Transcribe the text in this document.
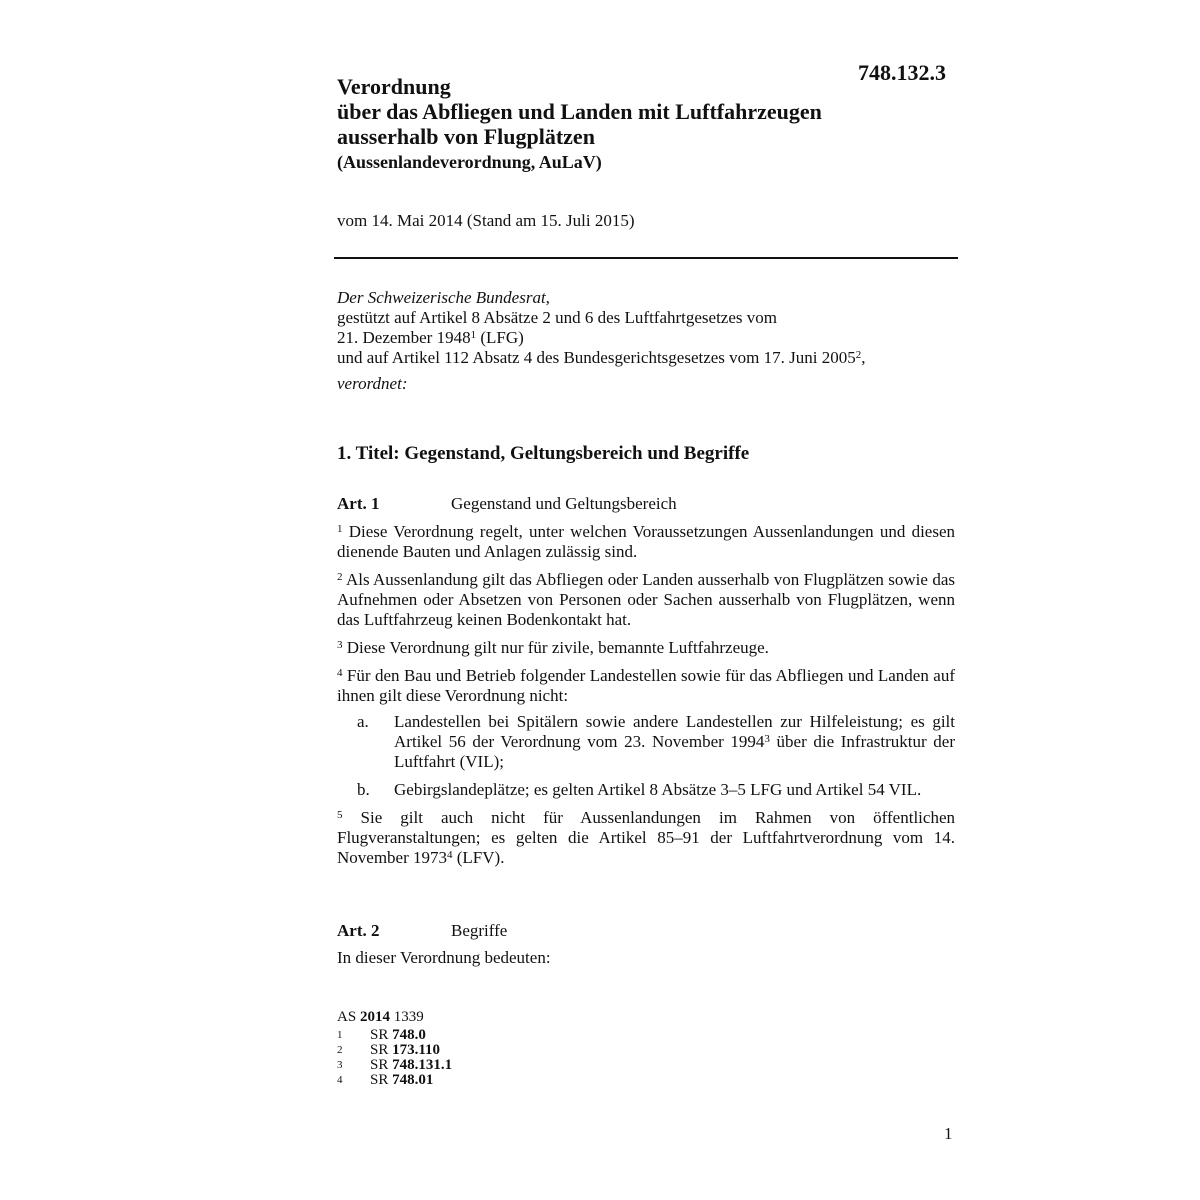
748.132.3
Verordnung
über das Abfliegen und Landen mit Luftfahrzeugen
ausserhalb von Flugplätzen
(Aussenlandeverordnung, AuLaV)
vom 14. Mai 2014 (Stand am 15. Juli 2015)
Der Schweizerische Bundesrat,
gestützt auf Artikel 8 Absätze 2 und 6 des Luftfahrtgesetzes vom
21. Dezember 1948$^1$ (LFG)
und auf Artikel 112 Absatz 4 des Bundesgerichtsgesetzes vom 17. Juni 2005$^2$,
verordnet:
1. Titel: Gegenstand, Geltungsbereich und Begriffe
Art. 1	Gegenstand und Geltungsbereich

$^1$ Diese Verordnung regelt, unter welchen Voraussetzungen Aussenlandungen und diesen dienende Bauten und Anlagen zulässig sind.

$^2$ Als Aussenlandung gilt das Abfliegen oder Landen ausserhalb von Flugplätzen sowie das Aufnehmen oder Absetzen von Personen oder Sachen ausserhalb von Flugplätzen, wenn das Luftfahrzeug keinen Bodenkontakt hat.

$^3$ Diese Verordnung gilt nur für zivile, bemannte Luftfahrzeuge.

$^4$ Für den Bau und Betrieb folgender Landestellen sowie für das Abfliegen und Landen auf ihnen gilt diese Verordnung nicht:

a.	Landestellen bei Spitälern sowie andere Landestellen zur Hilfeleistung; es gilt Artikel 56 der Verordnung vom 23. November 1994$^3$ über die Infrastruktur der Luftfahrt (VIL);
b.	Gebirgslandeplätze; es gelten Artikel 8 Absätze 3–5 LFG und Artikel 54 VIL.

$^5$ Sie gilt auch nicht für Aussenlandungen im Rahmen von öffentlichen Flugveranstaltungen; es gelten die Artikel 85–91 der Luftfahrtverordnung vom 14. November 1973$^4$ (LFV).

Art. 2	Begriffe
In dieser Verordnung bedeuten:
AS 2014 1339
1	SR 748.0
2	SR 173.110
3	SR 748.131.1
4	SR 748.01
1
